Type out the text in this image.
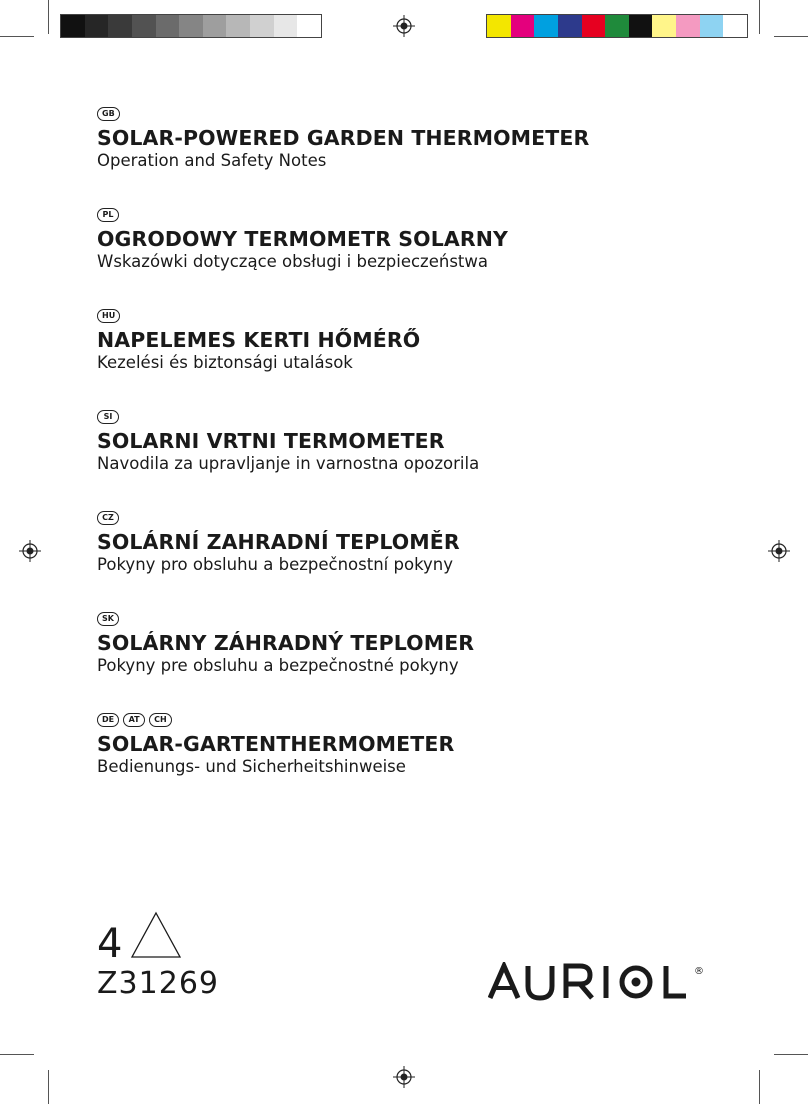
GB
SOLAR-POWERED GARDEN THERMOMETER
Operation and Safety Notes
PL
OGRODOWY TERMOMETR SOLARNY
Wskazówki dotyczące obsługi i bezpieczeństwa
HU
NAPELEMES KERTI HŐMÉRŐ
Kezelési és biztonsági utalások
SI
SOLARNI VRTNI TERMOMETER
Navodila za upravljanje in varnostna opozorila
CZ
SOLÁRNÍ ZAHRADNÍ TEPLOMĚR
Pokyny pro obsluhu a bezpečnostní pokyny
SK
SOLÁRNY ZÁHRADNÝ TEPLOMER
Pokyny pre obsluhu a bezpečnostné pokyny
DE	AT	CH
SOLAR-GARTENTHERMOMETER
Bedienungs- und Sicherheitshinweise
4
Z31269	®
